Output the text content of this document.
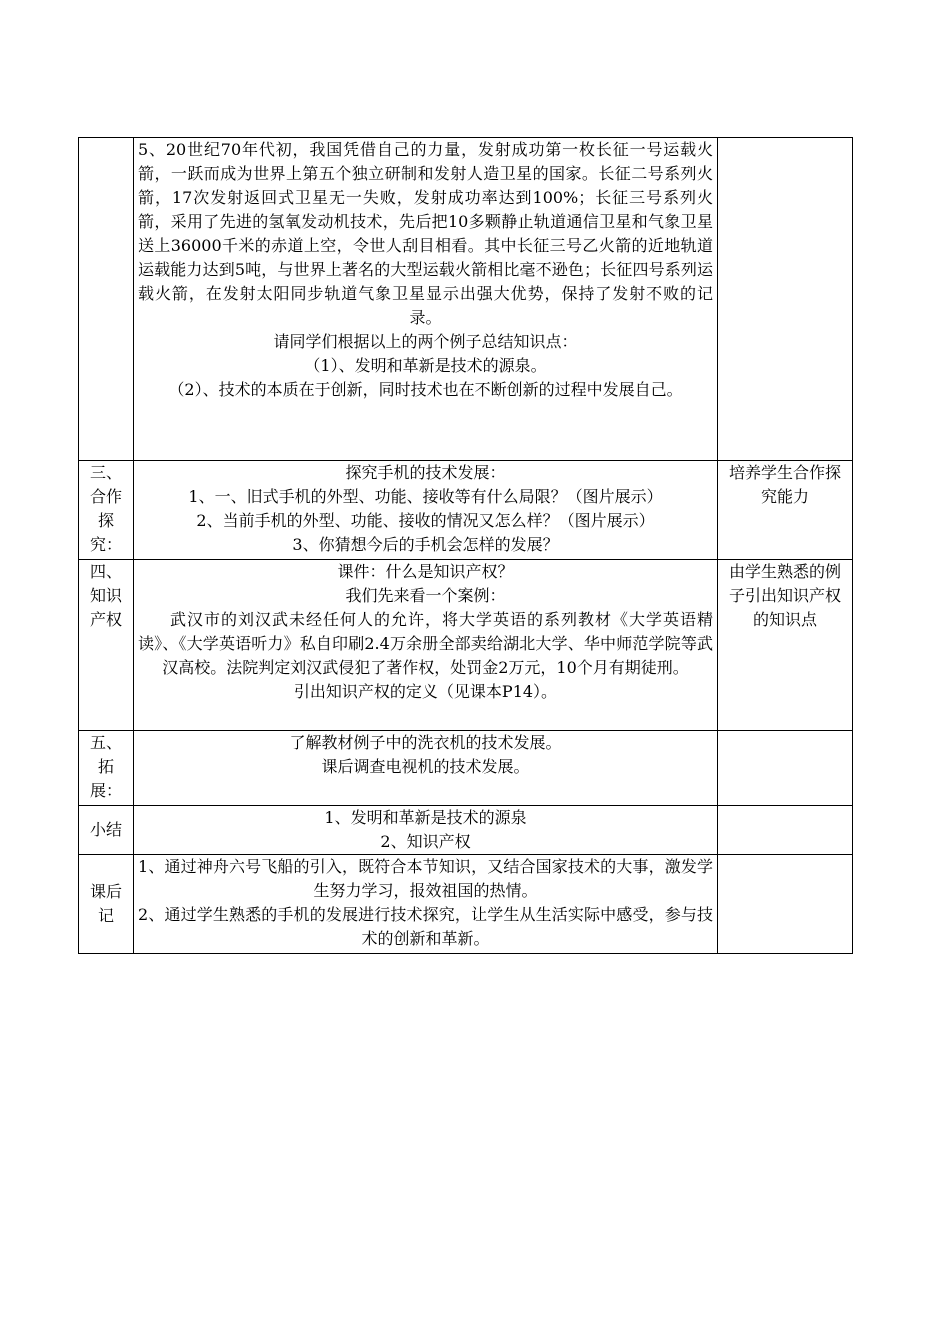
	5、20世纪70年代初，我国凭借自己的力量，发射成功第一枚长征一号运载火箭，一跃而成为世界上第五个独立研制和发射人造卫星的国家。长征二号系列火箭，17次发射返回式卫星无一失败，发射成功率达到100%；长征三号系列火箭，采用了先进的氢氧发动机技术，先后把10多颗静止轨道通信卫星和气象卫星送上36000千米的赤道上空，令世人刮目相看。其中长征三号乙火箭的近地轨道运载能力达到5吨，与世界上著名的大型运载火箭相比毫不逊色；长征四号系列运载火箭，在发射太阳同步轨道气象卫星显示出强大优势，保持了发射不败的记录。
请同学们根据以上的两个例子总结知识点：
（1）、发明和革新是技术的源泉。
（2）、技术的本质在于创新，同时技术也在不断创新的过程中发展自己。	

三、合作探究：	探究手机的技术发展：
1、一、旧式手机的外型、功能、接收等有什么局限？（图片展示）
2、当前手机的外型、功能、接收的情况又怎么样？（图片展示）
3、你猜想今后的手机会怎样的发展？	培养学生合作探究能力
四、知识产权	课件：什么是知识产权？
我们先来看一个案例：
武汉市的刘汉武未经任何人的允许，将大学英语的系列教材《大学英语精读》、《大学英语听力》私自印刷2.4万余册全部卖给湖北大学、华中师范学院等武汉高校。法院判定刘汉武侵犯了著作权，处罚金2万元，10个月有期徒刑。
引出知识产权的定义（见课本P14）。	由学生熟悉的例子引出知识产权的知识点
五、拓展：	了解教材例子中的洗衣机的技术发展。
课后调查电视机的技术发展。	

小结	1、发明和革新是技术的源泉
2、知识产权	

课后记	1、通过神舟六号飞船的引入，既符合本节知识，又结合国家技术的大事，激发学生努力学习，报效祖国的热情。
2、通过学生熟悉的手机的发展进行技术探究，让学生从生活实际中感受，参与技术的创新和革新。	
